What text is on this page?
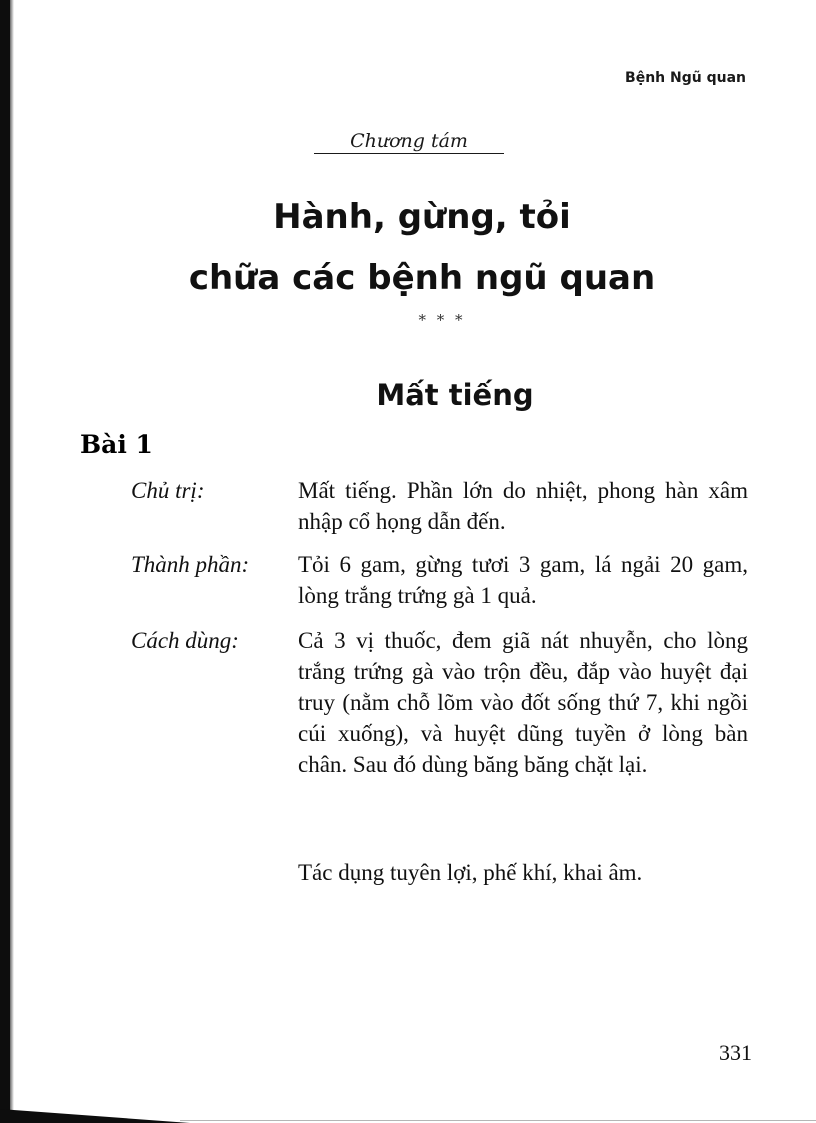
Bệnh Ngũ quan

Chương tám

Hành, gừng, tỏi
chữa các bệnh ngũ quan

* * *

Mất tiếng
Bài 1

Chủ trị:	Mất tiếng. Phần lớn do nhiệt, phong hàn xâm nhập cổ họng dẫn đến.

Thành phần: Tỏi 6 gam, gừng tươi 3 gam, lá ngải 20 gam, lòng trắng trứng gà 1 quả.

Cách dùng:	Cả 3 vị thuốc, đem giã nát nhuyễn, cho lòng trắng trứng gà vào trộn đều, đắp vào huyệt đại truy (nằm chỗ lõm vào đốt sống thứ 7, khi ngồi cúi xuống), và huyệt dũng tuyền ở lòng bàn chân. Sau đó dùng băng băng chặt lại.

Tác dụng tuyên lợi, phế khí, khai âm.

331
